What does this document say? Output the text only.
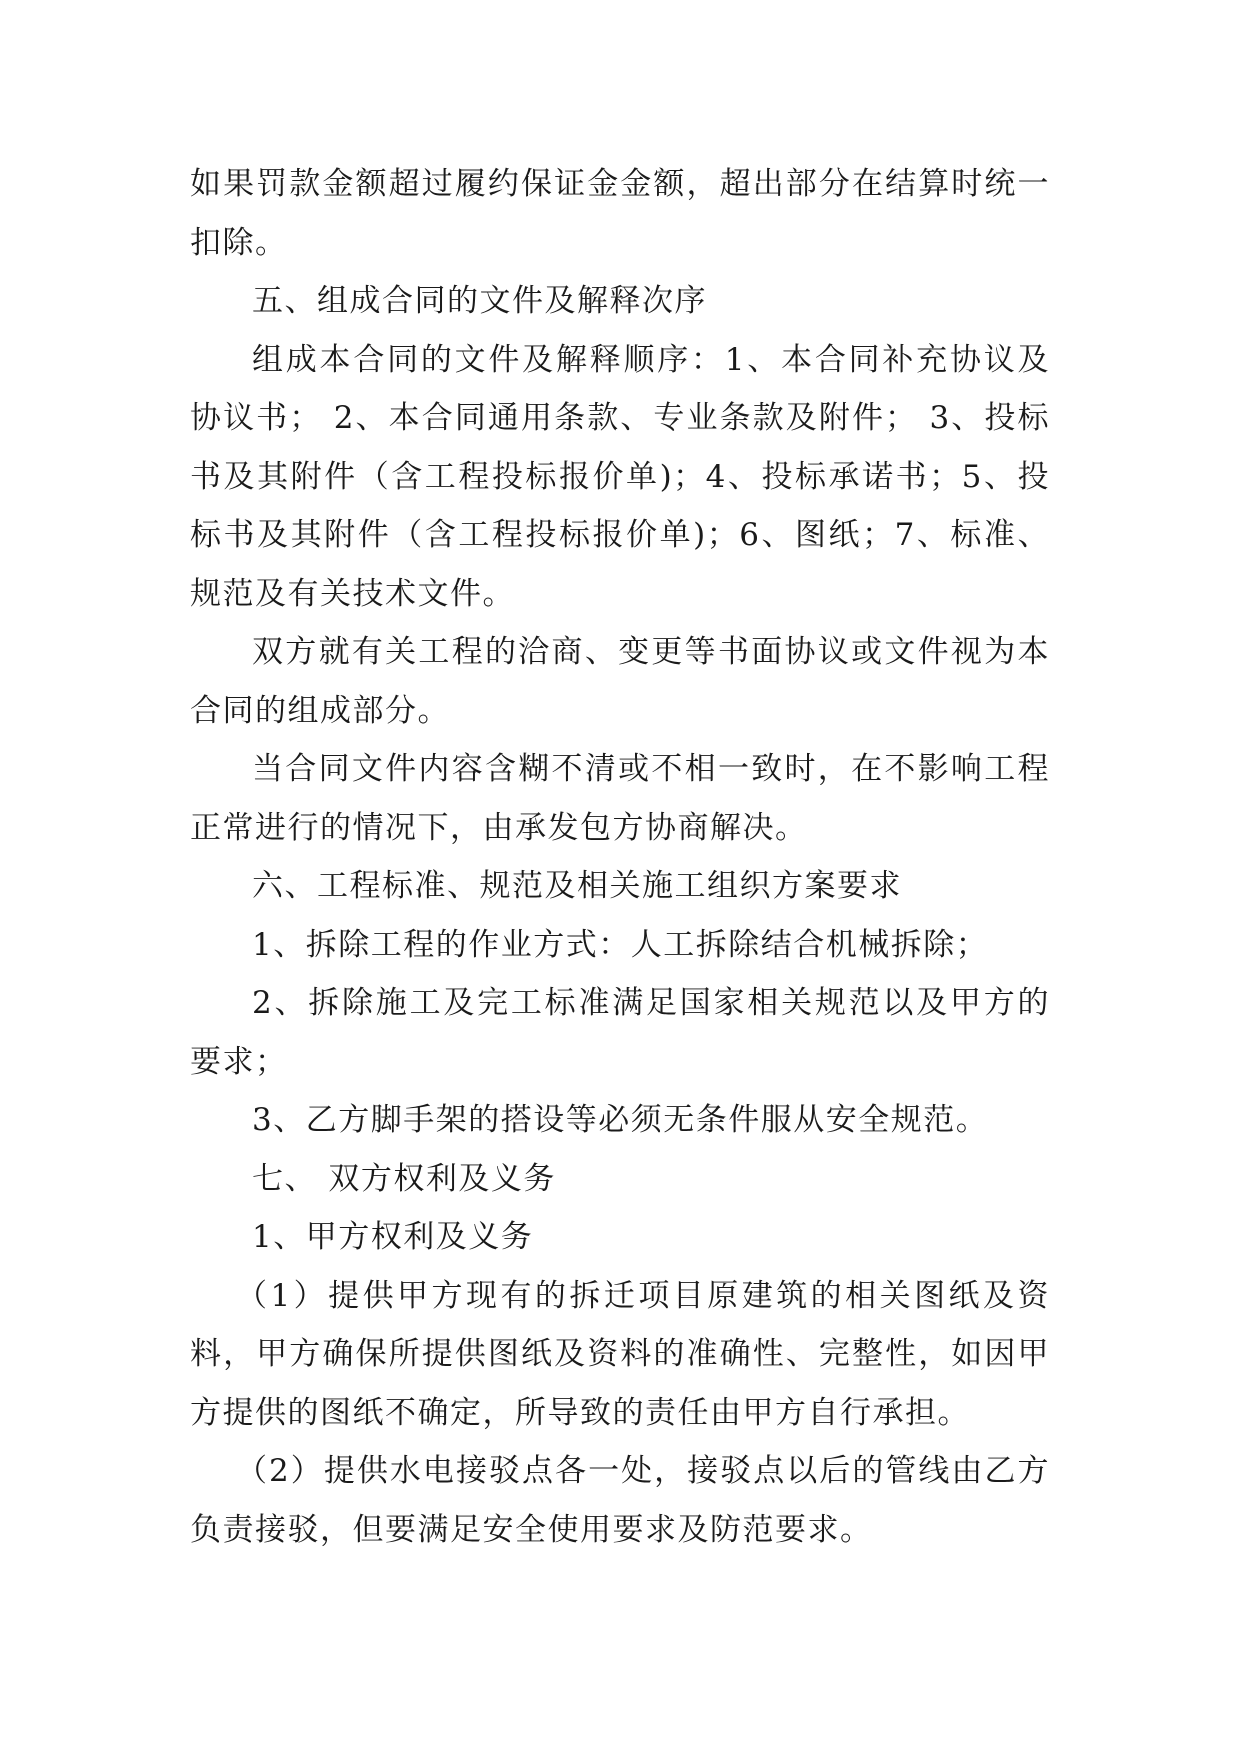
如果罚款金额超过履约保证金金额，超出部分在结算时统一扣除。

五、组成合同的文件及解释次序

组成本合同的文件及解释顺序：1、本合同补充协议及协议书； 2、本合同通用条款、专业条款及附件； 3、投标书及其附件（含工程投标报价单)；4、投标承诺书；5、投标书及其附件（含工程投标报价单)；6、图纸；7、标准、规范及有关技术文件。

双方就有关工程的洽商、变更等书面协议或文件视为本合同的组成部分。

当合同文件内容含糊不清或不相一致时，在不影响工程正常进行的情况下，由承发包方协商解决。

六、工程标准、规范及相关施工组织方案要求

1、拆除工程的作业方式：人工拆除结合机械拆除；

2、拆除施工及完工标准满足国家相关规范以及甲方的要求；

3、乙方脚手架的搭设等必须无条件服从安全规范。

七、 双方权利及义务

1、甲方权利及义务

（1）提供甲方现有的拆迁项目原建筑的相关图纸及资料，甲方确保所提供图纸及资料的准确性、完整性，如因甲方提供的图纸不确定，所导致的责任由甲方自行承担。

（2）提供水电接驳点各一处，接驳点以后的管线由乙方负责接驳，但要满足安全使用要求及防范要求。
